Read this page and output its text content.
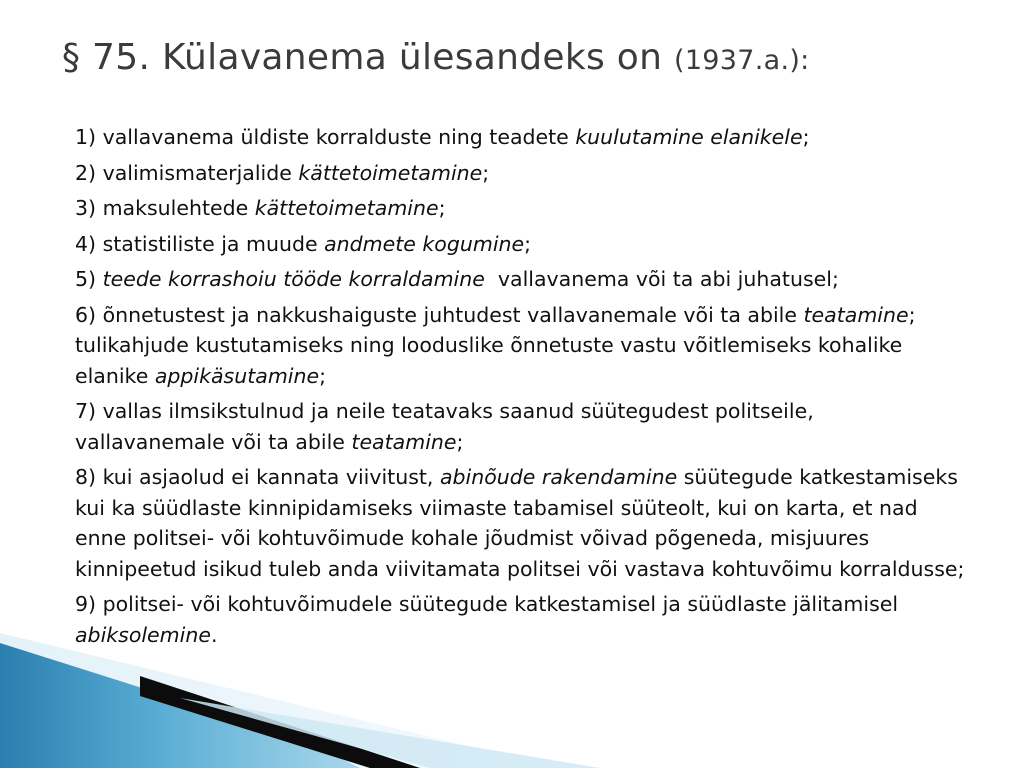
§ 75. Külavanema ülesandeks on (1937.a.):
1) vallavanema üldiste korralduste ning teadete kuulutamine elanikele;
2) valimismaterjalide kättetoimetamine;
3) maksulehtede kättetoimetamine;
4) statistiliste ja muude andmete kogumine;
5) teede korrashoiu tööde korraldamine  vallavanema või ta abi juhatusel;
6) õnnetustest ja nakkushaiguste juhtudest vallavanemale või ta abile teatamine; tulikahjude kustutamiseks ning looduslike õnnetuste vastu võitlemiseks kohalike elanike appikäsutamine;
7) vallas ilmsikstulnud ja neile teatavaks saanud süütegudest politseile, vallavanemale või ta abile teatamine;
8) kui asjaolud ei kannata viivitust, abinõude rakendamine süütegude katkestamiseks kui ka süüdlaste kinnipidamiseks viimaste tabamisel süüteolt, kui on karta, et nad enne politsei- või kohtuvõimude kohale jõudmist võivad põgeneda, misjuures kinnipeetud isikud tuleb anda viivitamata politsei või vastava kohtuvõimu korraldusse;
9) politsei- või kohtuvõimudele süütegude katkestamisel ja süüdlaste jälitamisel abiksolemine.
